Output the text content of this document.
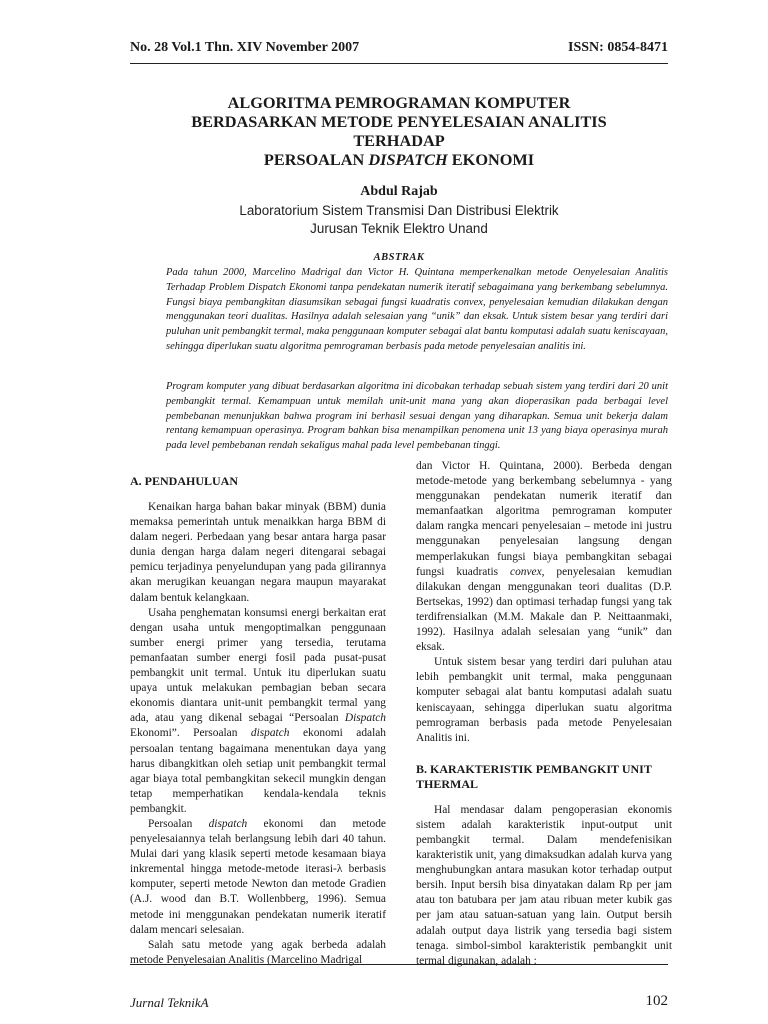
No. 28 Vol.1 Thn. XIV November 2007	ISSN: 0854-8471
ALGORITMA PEMROGRAMAN KOMPUTER
BERDASARKAN METODE PENYELESAIAN ANALITIS
TERHADAP
PERSOALAN DISPATCH EKONOMI
Abdul Rajab
Laboratorium Sistem Transmisi Dan Distribusi Elektrik
Jurusan Teknik Elektro Unand
ABSTRAK

Pada tahun 2000, Marcelino Madrigal dan Victor H. Quintana memperkenalkan metode Oenyelesaian Analitis Terhadap Problem Dispatch Ekonomi tanpa pendekatan numerik iteratif sebagaimana yang berkembang sebelumnya. Fungsi biaya pembangkitan diasumsikan sebagai fungsi kuadratis convex, penyelesaian kemudian dilakukan dengan menggunakan teori dualitas. Hasilnya adalah selesaian yang “unik” dan eksak. Untuk sistem besar yang terdiri dari puluhan unit pembangkit termal, maka penggunaan komputer sebagai alat bantu komputasi adalah suatu keniscayaan, sehingga diperlukan suatu algoritma pemrograman berbasis pada metode penyelesaian analitis ini.

Program komputer yang dibuat berdasarkan algoritma ini dicobakan terhadap sebuah sistem yang terdiri dari 20 unit pembangkit termal. Kemampuan untuk memilah unit-unit mana yang akan dioperasikan pada berbagai level pembebanan menunjukkan bahwa program ini berhasil sesuai dengan yang diharapkan. Semua unit bekerja dalam rentang kemampuan operasinya. Program bahkan bisa menampilkan penomena unit 13 yang biaya operasinya murah pada level pembebanan rendah sekaligus mahal pada level pembebanan tinggi.

A. PENDAHULUAN

Kenaikan harga bahan bakar minyak (BBM) dunia memaksa pemerintah untuk menaikkan harga BBM di dalam negeri. Perbedaan yang besar antara harga pasar dunia dengan harga dalam negeri ditengarai sebagai pemicu terjadinya penyelundupan yang pada gilirannya akan merugikan keuangan negara maupun mayarakat dalam bentuk kelangkaan.

Usaha penghematan konsumsi energi berkaitan erat dengan usaha untuk mengoptimalkan penggunaan sumber energi primer yang tersedia, terutama pemanfaatan sumber energi fosil pada pusat-pusat pembangkit unit termal. Untuk itu diperlukan suatu upaya untuk melakukan pembagian beban secara ekonomis diantara unit-unit pembangkit termal yang ada, atau yang dikenal sebagai “Persoalan Dispatch Ekonomi”. Persoalan dispatch ekonomi adalah persoalan tentang bagaimana menentukan daya yang harus dibangkitkan oleh setiap unit pembangkit termal agar biaya total pembangkitan sekecil mungkin dengan tetap memperhatikan kendala-kendala teknis pembangkit.

Persoalan dispatch ekonomi dan metode penyelesaiannya telah berlangsung lebih dari 40 tahun. Mulai dari yang klasik seperti metode kesamaan biaya inkremental hingga metode-metode iterasi-λ berbasis komputer, seperti metode Newton dan metode Gradien (A.J. wood dan B.T. Wollenbberg, 1996). Semua metode ini menggunakan pendekatan numerik iteratif dalam mencari selesaian.

Salah satu metode yang agak berbeda adalah metode Penyelesaian Analitis (Marcelino Madrigal

dan Victor H. Quintana, 2000). Berbeda dengan metode-metode yang berkembang sebelumnya - yang menggunakan pendekatan numerik iteratif dan memanfaatkan algoritma pemrograman komputer dalam rangka mencari penyelesaian – metode ini justru menggunakan penyelesaian langsung dengan memperlakukan fungsi biaya pembangkitan sebagai fungsi kuadratis convex, penyelesaian kemudian dilakukan dengan menggunakan teori dualitas (D.P. Bertsekas, 1992) dan optimasi terhadap fungsi yang tak terdifrensialkan (M.M. Makale dan P. Neittaanmaki, 1992). Hasilnya adalah selesaian yang “unik” dan eksak.

Untuk sistem besar yang terdiri dari puluhan atau lebih pembangkit unit termal, maka penggunaan komputer sebagai alat bantu komputasi adalah suatu keniscayaan, sehingga diperlukan suatu algoritma pemrograman berbasis pada metode Penyelesaian Analitis ini.

B. KARAKTERISTIK PEMBANGKIT UNIT THERMAL

Hal mendasar dalam pengoperasian ekonomis sistem adalah karakteristik input-output unit pembangkit termal. Dalam mendefenisikan karakteristik unit, yang dimaksudkan adalah kurva yang menghubungkan antara masukan kotor terhadap output bersih. Input bersih bisa dinyatakan dalam Rp per jam atau ton batubara per jam atau ribuan meter kubik gas per jam atau satuan-satuan yang lain. Output bersih adalah output daya listrik yang tersedia bagi sistem tenaga. simbol-simbol karakteristik pembangkit unit termal digunakan, adalah :

Jurnal TeknikA	102
